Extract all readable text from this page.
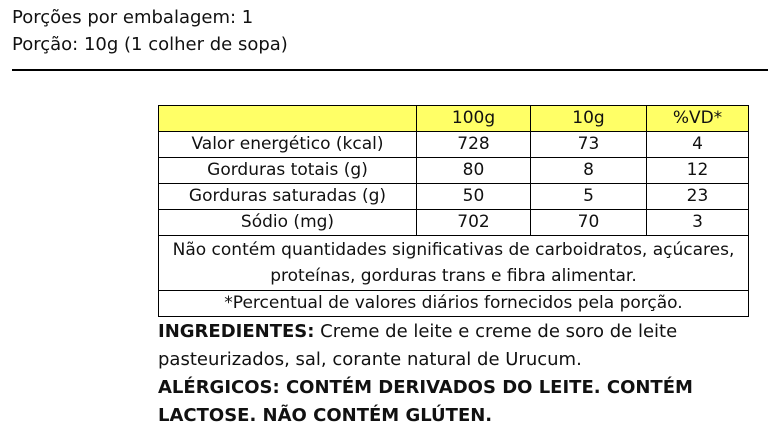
Porções por embalagem: 1
Porção: 10g (1 colher de sopa)
	100g	10g	%VD*
Valor energético (kcal)	728	73	4
Gorduras totais (g)	80	8	12
Gorduras saturadas (g)	50	5	23
Sódio (mg)	702	70	3
Não contém quantidades significativas de carboidratos, açúcares, proteínas, gorduras trans e fibra alimentar.			
*Percentual de valores diários fornecidos pela porção.			
INGREDIENTES: Creme de leite e creme de soro de leite pasteurizados, sal, corante natural de Urucum.
ALÉRGICOS: CONTÉM DERIVADOS DO LEITE. CONTÉM LACTOSE. NÃO CONTÉM GLÚTEN.
